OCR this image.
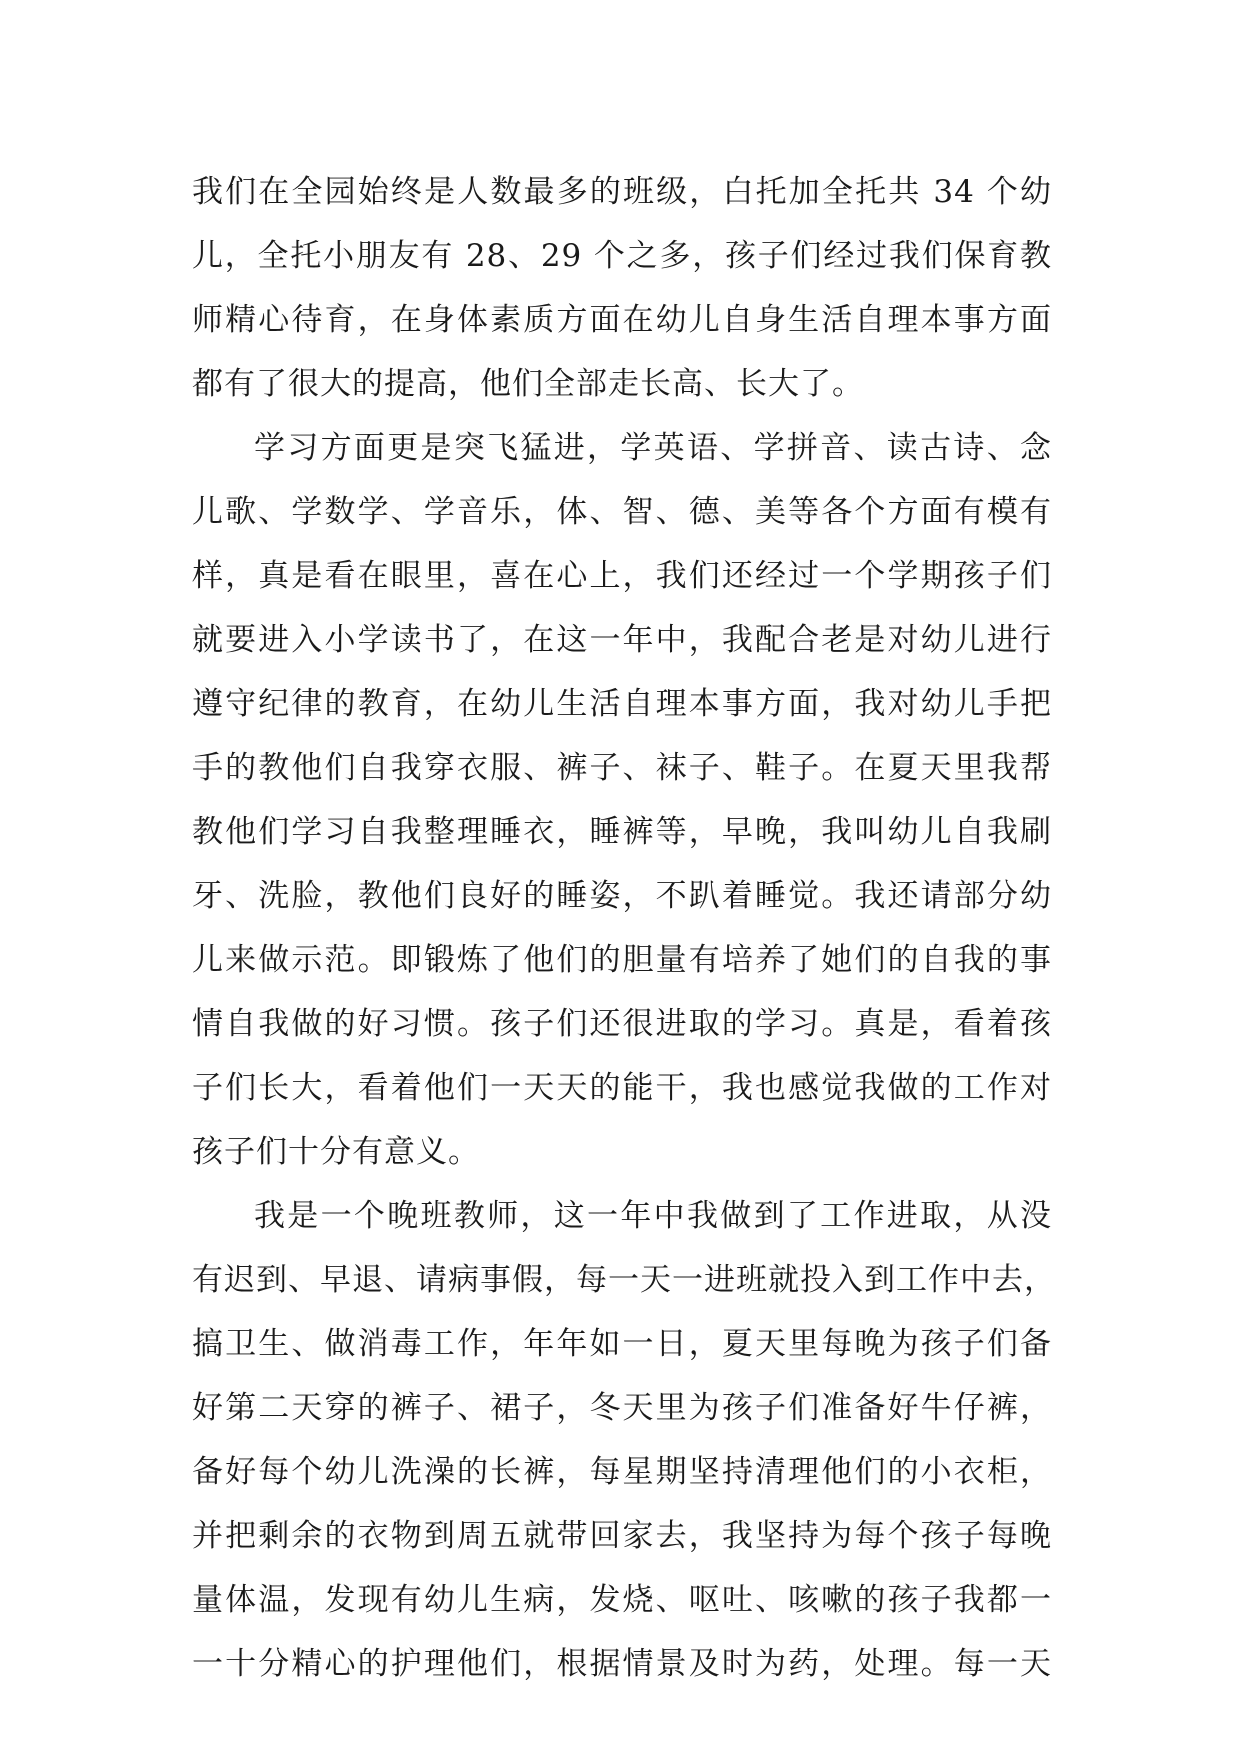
我们在全园始终是人数最多的班级，白托加全托共 34 个幼
儿，全托小朋友有 28、29 个之多，孩子们经过我们保育教
师精心待育，在身体素质方面在幼儿自身生活自理本事方面
都有了很大的提高，他们全部走长高、长大了。
学习方面更是突飞猛进，学英语、学拼音、读古诗、念
儿歌、学数学、学音乐，体、智、德、美等各个方面有模有
样，真是看在眼里，喜在心上，我们还经过一个学期孩子们
就要进入小学读书了，在这一年中，我配合老是对幼儿进行
遵守纪律的教育，在幼儿生活自理本事方面，我对幼儿手把
手的教他们自我穿衣服、裤子、袜子、鞋子。在夏天里我帮
教他们学习自我整理睡衣，睡裤等，早晚，我叫幼儿自我刷
牙、洗脸，教他们良好的睡姿，不趴着睡觉。我还请部分幼
儿来做示范。即锻炼了他们的胆量有培养了她们的自我的事
情自我做的好习惯。孩子们还很进取的学习。真是，看着孩
子们长大，看着他们一天天的能干，我也感觉我做的工作对
孩子们十分有意义。
我是一个晚班教师，这一年中我做到了工作进取，从没
有迟到、早退、请病事假，每一天一进班就投入到工作中去，
搞卫生、做消毒工作，年年如一日，夏天里每晚为孩子们备
好第二天穿的裤子、裙子，冬天里为孩子们准备好牛仔裤，
备好每个幼儿洗澡的长裤，每星期坚持清理他们的小衣柜，
并把剩余的衣物到周五就带回家去，我坚持为每个孩子每晚
量体温，发现有幼儿生病，发烧、呕吐、咳嗽的孩子我都一
一十分精心的护理他们，根据情景及时为药，处理。每一天
